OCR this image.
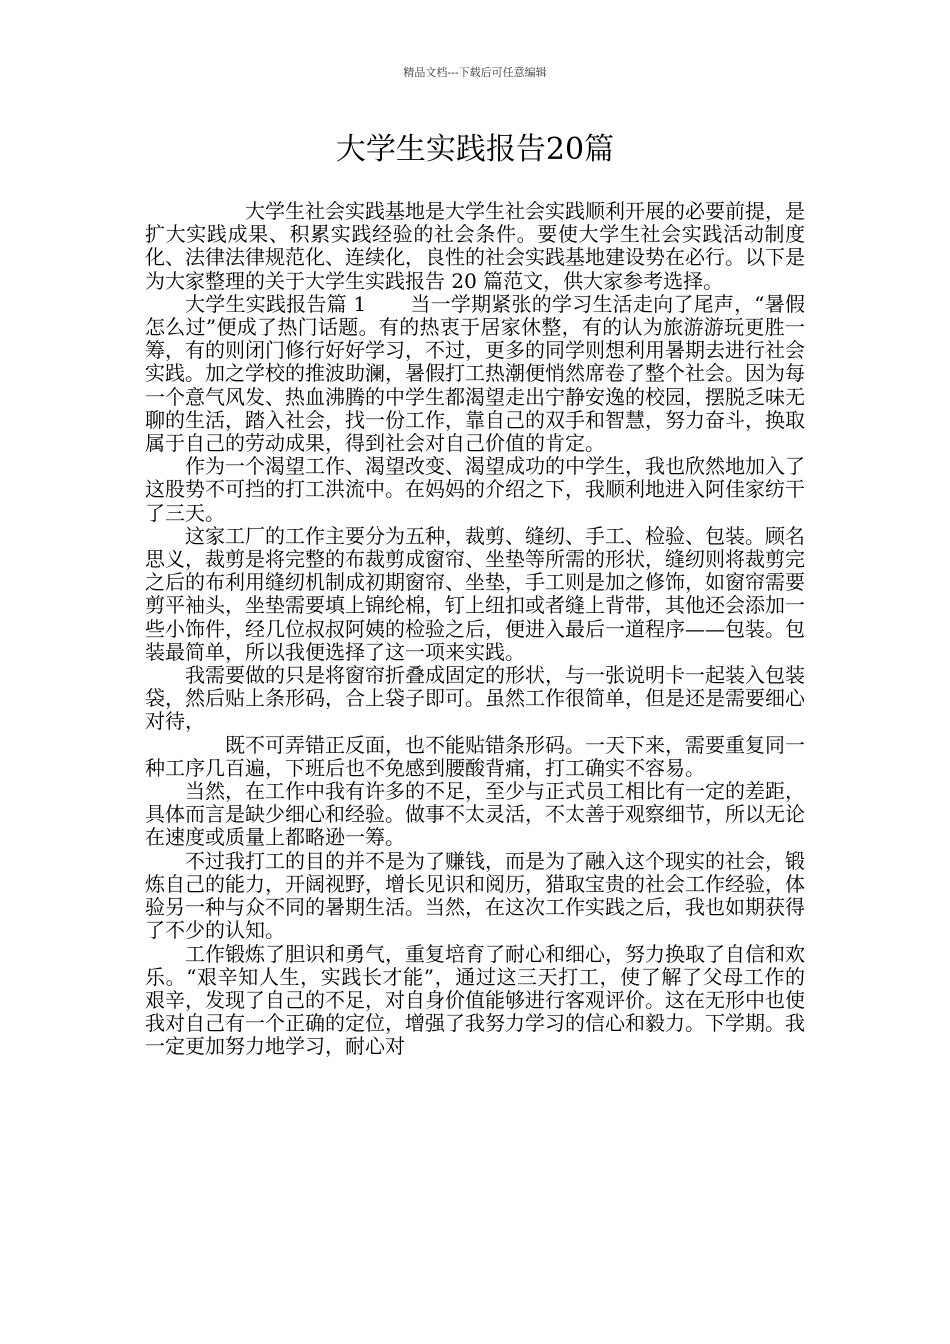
精品文档---下载后可任意编辑
大学生实践报告20篇

大学生社会实践基地是大学生社会实践顺利开展的必要前提，是扩大实践成果、积累实践经验的社会条件。要使大学生社会实践活动制度化、法律法律规范化、连续化，良性的社会实践基地建设势在必行。以下是为大家整理的关于大学生实践报告 20 篇范文，供大家参考选择。

大学生实践报告篇 1 当一学期紧张的学习生活走向了尾声，“暑假怎么过”便成了热门话题。有的热衷于居家休整，有的认为旅游游玩更胜一筹，有的则闭门修行好好学习，不过，更多的同学则想利用暑期去进行社会实践。加之学校的推波助澜，暑假打工热潮便悄然席卷了整个社会。因为每一个意气风发、热血沸腾的中学生都渴望走出宁静安逸的校园，摆脱乏味无聊的生活，踏入社会，找一份工作，靠自己的双手和智慧，努力奋斗，换取属于自己的劳动成果，得到社会对自己价值的肯定。

作为一个渴望工作、渴望改变、渴望成功的中学生，我也欣然地加入了这股势不可挡的打工洪流中。在妈妈的介绍之下，我顺利地进入阿佳家纺干了三天。

这家工厂的工作主要分为五种，裁剪、缝纫、手工、检验、包装。顾名思义，裁剪是将完整的布裁剪成窗帘、坐垫等所需的形状，缝纫则将裁剪完之后的布利用缝纫机制成初期窗帘、坐垫，手工则是加之修饰，如窗帘需要剪平袖头，坐垫需要填上锦纶棉，钉上纽扣或者缝上背带，其他还会添加一些小饰件，经几位叔叔阿姨的检验之后，便进入最后一道程序——包装。包装最简单，所以我便选择了这一项来实践。

我需要做的只是将窗帘折叠成固定的形状，与一张说明卡一起装入包装袋，然后贴上条形码，合上袋子即可。虽然工作很简单，但是还是需要细心对待，

既不可弄错正反面，也不能贴错条形码。一天下来，需要重复同一种工序几百遍，下班后也不免感到腰酸背痛，打工确实不容易。

当然，在工作中我有许多的不足，至少与正式员工相比有一定的差距，具体而言是缺少细心和经验。做事不太灵活，不太善于观察细节，所以无论在速度或质量上都略逊一筹。

不过我打工的目的并不是为了赚钱，而是为了融入这个现实的社会，锻炼自己的能力，开阔视野，增长见识和阅历，猎取宝贵的社会工作经验，体验另一种与众不同的暑期生活。当然，在这次工作实践之后，我也如期获得了不少的认知。

工作锻炼了胆识和勇气，重复培育了耐心和细心，努力换取了自信和欢乐。“艰辛知人生，实践长才能”，通过这三天打工，使了解了父母工作的艰辛，发现了自己的不足，对自身价值能够进行客观评价。这在无形中也使我对自己有一个正确的定位，增强了我努力学习的信心和毅力。下学期。我一定更加努力地学习，耐心对
